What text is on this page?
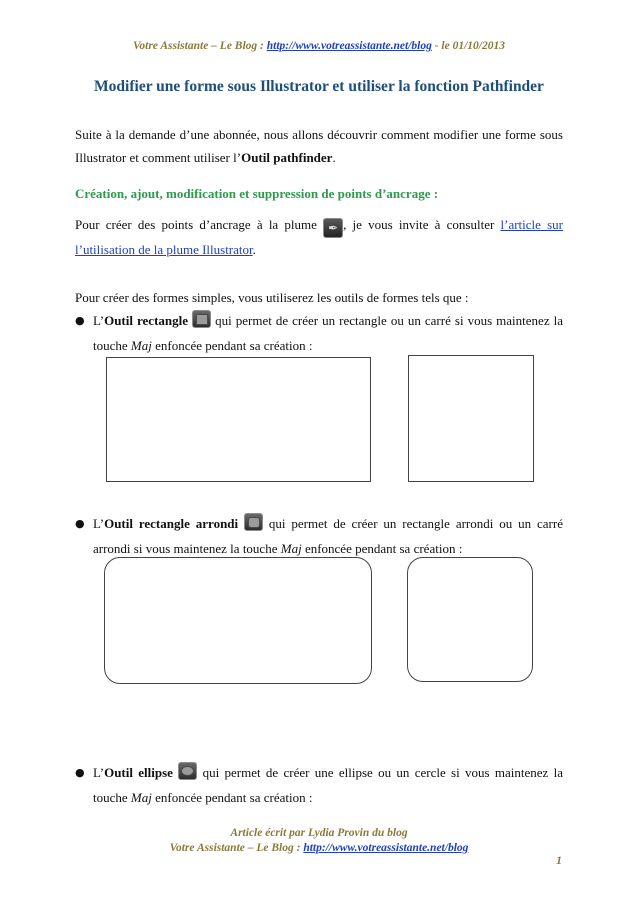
Votre Assistante – Le Blog : http://www.votreassistante.net/blog - le 01/10/2013
Modifier une forme sous Illustrator et utiliser la fonction Pathfinder
Suite à la demande d’une abonnée, nous allons découvrir comment modifier une forme sous Illustrator et comment utiliser l’Outil pathfinder.
Création, ajout, modification et suppression de points d’ancrage :
Pour créer des points d’ancrage à la plume ✒ , je vous invite à consulter l’article sur l’utilisation de la plume Illustrator.
Pour créer des formes simples, vous utiliserez les outils de formes tels que :
● L’Outil rectangle
qui permet de créer un rectangle ou un carré si vous maintenez la touche Maj enfoncée pendant sa création :
● L’Outil rectangle arrondi
qui permet de créer un rectangle arrondi ou un carré arrondi si vous maintenez la touche Maj enfoncée pendant sa création :
● L’Outil ellipse
qui permet de créer une ellipse ou un cercle si vous maintenez la touche Maj enfoncée pendant sa création :
Article écrit par Lydia Provin du blog
Votre Assistante – Le Blog : http://www.votreassistante.net/blog
1
